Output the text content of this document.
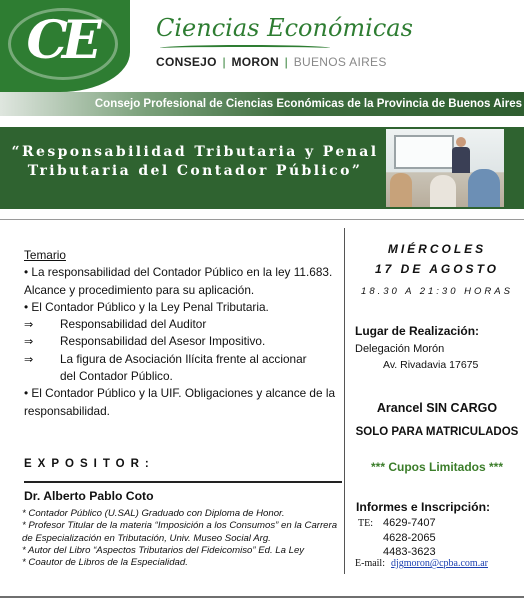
CE	Ciencias Económicas
CONSEJO | MORON | BUENOS AIRES
Consejo Profesional de Ciencias Económicas de la Provincia de Buenos Aires
“Responsabilidad Tributaria y Penal
Tributaria del Contador Público”
Temario
• La responsabilidad del Contador Público en la ley 11.683. Alcance y procedimiento para su aplicación.
• El Contador Público y la Ley Penal Tributaria.
⇒	Responsabilidad del Auditor
⇒	Responsabilidad del Asesor Impositivo.
⇒	La figura de Asociación Ilícita frente al accionar
del Contador Público.
• El Contador Público y la UIF. Obligaciones y alcance de la responsabilidad.
EXPOSITOR:
Dr. Alberto Pablo Coto
* Contador Público (U.SAL) Graduado con Diploma de Honor.
* Profesor Titular de la materia “Imposición a los Consumos” en la Carrera de Especialización en Tributación, Univ. Museo Social Arg.
* Autor del Libro “Aspectos Tributarios del Fideicomiso” Ed. La Ley
* Coautor de Libros de la Especialidad.
MIÉRCOLES
17 DE AGOSTO
18.30 A 21:30 HORAS
Lugar de Realización:
Delegación Morón
Av. Rivadavia 17675
Arancel SIN CARGO
SOLO PARA MATRICULADOS
*** Cupos Limitados ***
Informes e Inscripción:
TE: 4629-7407
4628-2065
4483-3623
E-mail: djgmoron@cpba.com.ar
